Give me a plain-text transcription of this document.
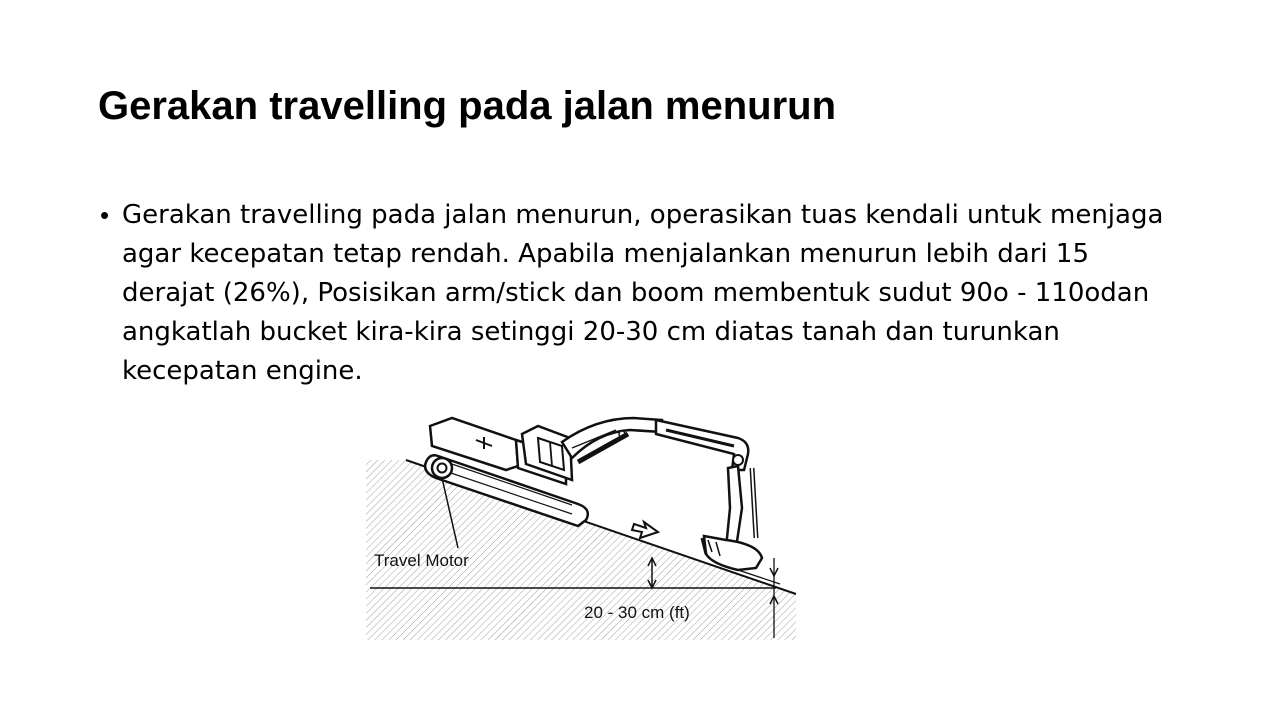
Gerakan travelling pada jalan menurun
• Gerakan travelling pada jalan menurun, operasikan tuas kendali untuk menjaga agar kecepatan tetap rendah. Apabila menjalankan menurun lebih dari 15 derajat (26%), Posisikan arm/stick dan boom membentuk sudut 90o - 110odan angkatlah bucket kira-kira setinggi 20-30 cm diatas tanah dan turunkan kecepatan engine.
Travel Motor
20 - 30 cm (ft)
